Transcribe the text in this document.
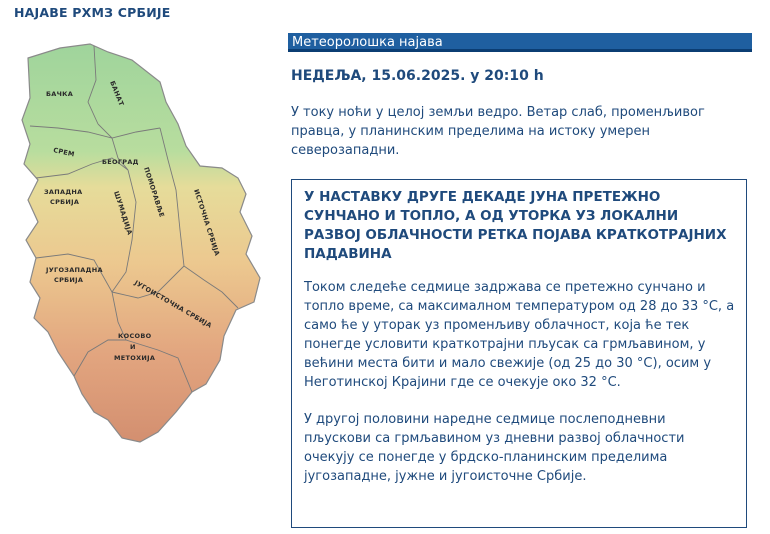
НАЈАВЕ РХМЗ СРБИЈЕ
БАЧКА	БАНАТ
СРЕМ
БЕОГРАД
ЗАПАДНА
СРБИЈА	ШУМАДИЈА ПОМОРАВЉЕ	ИСТОЧНА СРБИЈА
ЈУГОЗАПАДНА
СРБИЈА	ЈУГОИСТОЧНА СРБИЈА
КОСОВО
И
МЕТОХИЈА
Метеоролошка најава
НЕДЕЉА, 15.06.2025. у 20:10 h
У току ноћи у целој земљи ведро. Ветар слаб, променљивог правца, у планинским пределима на истоку умерен северозападни.
У НАСТАВКУ ДРУГЕ ДЕКАДЕ ЈУНА ПРЕТЕЖНО СУНЧАНО И ТОПЛО, А ОД УТОРКА УЗ ЛОКАЛНИ РАЗВОЈ ОБЛАЧНОСТИ РЕТКА ПОЈАВА КРАТКОТРАЈНИХ ПАДАВИНА

Током следеће седмице задржава се претежно сунчано и топло време, са максималном температуром од 28 до 33 °C, а само ће у уторак уз променљиву облачност, која ће тек понегде условити краткотрајни пљусак са грмљавином, у већини места бити и мало свежије (од 25 до 30 °C), осим у Неготинској Крајини где се очекује око 32 °C.

У другој половини наредне седмице послеподневни пљускови са грмљавином уз дневни развој облачности очекују се понегде у брдско-планинским пределима југозападне, јужне и југоисточне Србије.
